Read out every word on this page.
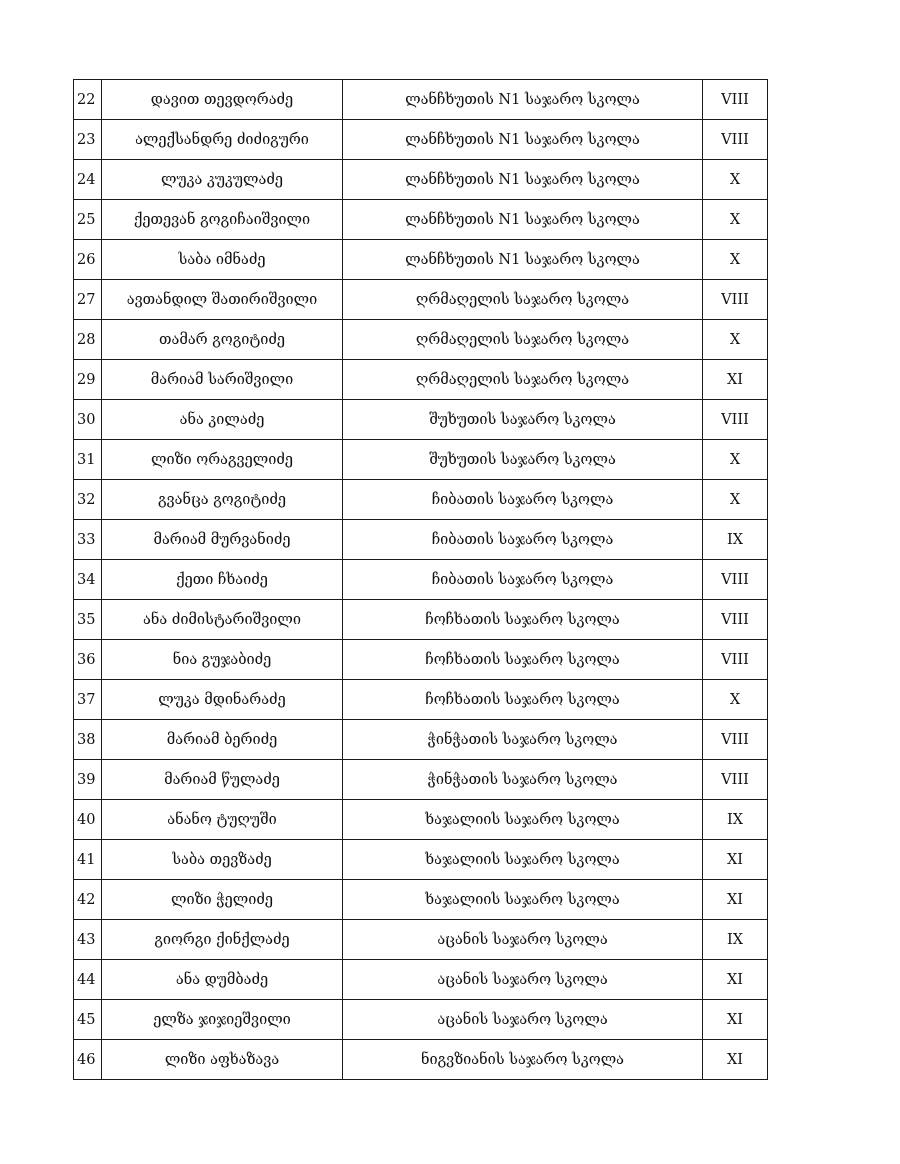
22	დავით თევდორაძე	ლანჩხუთის N1 საჯარო სკოლა	VIII
23	ალექსანდრე ძიძიგური	ლანჩხუთის N1 საჯარო სკოლა	VIII
24	ლუკა კუკულაძე	ლანჩხუთის N1 საჯარო სკოლა	X
25	ქეთევან გოგიჩაიშვილი	ლანჩხუთის N1 საჯარო სკოლა	X
26	საბა იმნაძე	ლანჩხუთის N1 საჯარო სკოლა	X
27	ავთანდილ შათირიშვილი	ღრმაღელის საჯარო სკოლა	VIII
28	თამარ გოგიტიძე	ღრმაღელის საჯარო სკოლა	X
29	მარიამ სარიშვილი	ღრმაღელის საჯარო სკოლა	XI
30	ანა კილაძე	შუხუთის საჯარო სკოლა	VIII
31	ლიზი ორაგველიძე	შუხუთის საჯარო სკოლა	X
32	გვანცა გოგიტიძე	ჩიბათის საჯარო სკოლა	X
33	მარიამ მურვანიძე	ჩიბათის საჯარო სკოლა	IX
34	ქეთი ჩხაიძე	ჩიბათის საჯარო სკოლა	VIII
35	ანა ძიმისტარიშვილი	ჩოჩხათის საჯარო სკოლა	VIII
36	ნია გუჯაბიძე	ჩოჩხათის საჯარო სკოლა	VIII
37	ლუკა მდინარაძე	ჩოჩხათის საჯარო სკოლა	X
38	მარიამ ბერიძე	ჭინჭათის საჯარო სკოლა	VIII
39	მარიამ წულაძე	ჭინჭათის საჯარო სკოლა	VIII
40	ანანო ტუღუში	ხაჯალიის საჯარო სკოლა	IX
41	საბა თევზაძე	ხაჯალიის საჯარო სკოლა	XI
42	ლიზი ჭელიძე	ხაჯალიის საჯარო სკოლა	XI
43	გიორგი ქინქლაძე	აცანის საჯარო სკოლა	IX
44	ანა დუმბაძე	აცანის საჯარო სკოლა	XI
45	ელზა ჯიჯიეშვილი	აცანის საჯარო სკოლა	XI
46	ლიზი აფხაზავა	ნიგვზიანის საჯარო სკოლა	XI
